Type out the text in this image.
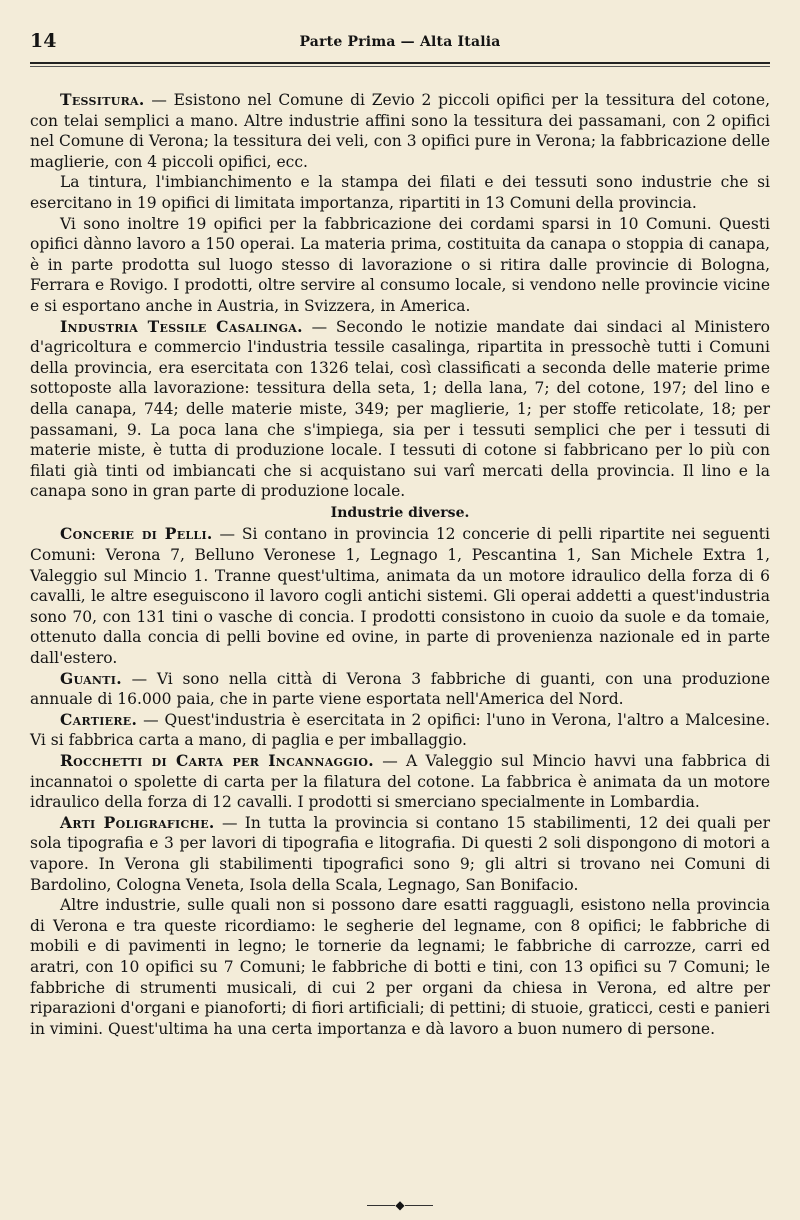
14	Parte Prima — Alta Italia

Tessitura. — Esistono nel Comune di Zevio 2 piccoli opifici per la tessitura del cotone, con telai semplici a mano. Altre industrie affini sono la tessitura dei passamani, con 2 opifici nel Comune di Verona; la tessitura dei veli, con 3 opifici pure in Verona; la fabbricazione delle maglierie, con 4 piccoli opifici, ecc.

La tintura, l'imbianchimento e la stampa dei filati e dei tessuti sono industrie che si esercitano in 19 opifici di limitata importanza, ripartiti in 13 Comuni della provincia.

Vi sono inoltre 19 opifici per la fabbricazione dei cordami sparsi in 10 Comuni. Questi opifici dànno lavoro a 150 operai. La materia prima, costituita da canapa o stoppia di canapa, è in parte prodotta sul luogo stesso di lavorazione o si ritira dalle provincie di Bologna, Ferrara e Rovigo. I prodotti, oltre servire al consumo locale, si vendono nelle provincie vicine e si esportano anche in Austria, in Svizzera, in America.

Industria Tessile Casalinga. — Secondo le notizie mandate dai sindaci al Ministero d'agricoltura e commercio l'industria tessile casalinga, ripartita in pressochè tutti i Comuni della provincia, era esercitata con 1326 telai, così classificati a seconda delle materie prime sottoposte alla lavorazione: tessitura della seta, 1; della lana, 7; del cotone, 197; del lino e della canapa, 744; delle materie miste, 349; per maglierie, 1; per stoffe reticolate, 18; per passamani, 9. La poca lana che s'impiega, sia per i tessuti semplici che per i tessuti di materie miste, è tutta di produzione locale. I tessuti di cotone si fabbricano per lo più con filati già tinti od imbiancati che si acquistano sui varî mercati della provincia. Il lino e la canapa sono in gran parte di produzione locale.

Industrie diverse.

Concerie di Pelli. — Si contano in provincia 12 concerie di pelli ripartite nei seguenti Comuni: Verona 7, Belluno Veronese 1, Legnago 1, Pescantina 1, San Michele Extra 1, Valeggio sul Mincio 1. Tranne quest'ultima, animata da un motore idraulico della forza di 6 cavalli, le altre eseguiscono il lavoro cogli antichi sistemi. Gli operai addetti a quest'industria sono 70, con 131 tini o vasche di concia. I prodotti consistono in cuoio da suole e da tomaie, ottenuto dalla concia di pelli bovine ed ovine, in parte di provenienza nazionale ed in parte dall'estero.

Guanti. — Vi sono nella città di Verona 3 fabbriche di guanti, con una produzione annuale di 16.000 paia, che in parte viene esportata nell'America del Nord.

Cartiere. — Quest'industria è esercitata in 2 opifici: l'uno in Verona, l'altro a Malcesine. Vi si fabbrica carta a mano, di paglia e per imballaggio.

Rocchetti di Carta per Incannaggio. — A Valeggio sul Mincio havvi una fabbrica di incannatoi o spolette di carta per la filatura del cotone. La fabbrica è animata da un motore idraulico della forza di 12 cavalli. I prodotti si smerciano specialmente in Lombardia.

Arti Poligrafiche. — In tutta la provincia si contano 15 stabilimenti, 12 dei quali per sola tipografia e 3 per lavori di tipografia e litografia. Di questi 2 soli dispongono di motori a vapore. In Verona gli stabilimenti tipografici sono 9; gli altri si trovano nei Comuni di Bardolino, Cologna Veneta, Isola della Scala, Legnago, San Bonifacio.

Altre industrie, sulle quali non si possono dare esatti ragguagli, esistono nella provincia di Verona e tra queste ricordiamo: le segherie del legname, con 8 opifici; le fabbriche di mobili e di pavimenti in legno; le tornerie da legnami; le fabbriche di carrozze, carri ed aratri, con 10 opifici su 7 Comuni; le fabbriche di botti e tini, con 13 opifici su 7 Comuni; le fabbriche di strumenti musicali, di cui 2 per organi da chiesa in Verona, ed altre per riparazioni d'organi e pianoforti; di fiori artificiali; di pettini; di stuoie, graticci, cesti e panieri in vimini. Quest'ultima ha una certa importanza e dà lavoro a buon numero di persone.

◆
